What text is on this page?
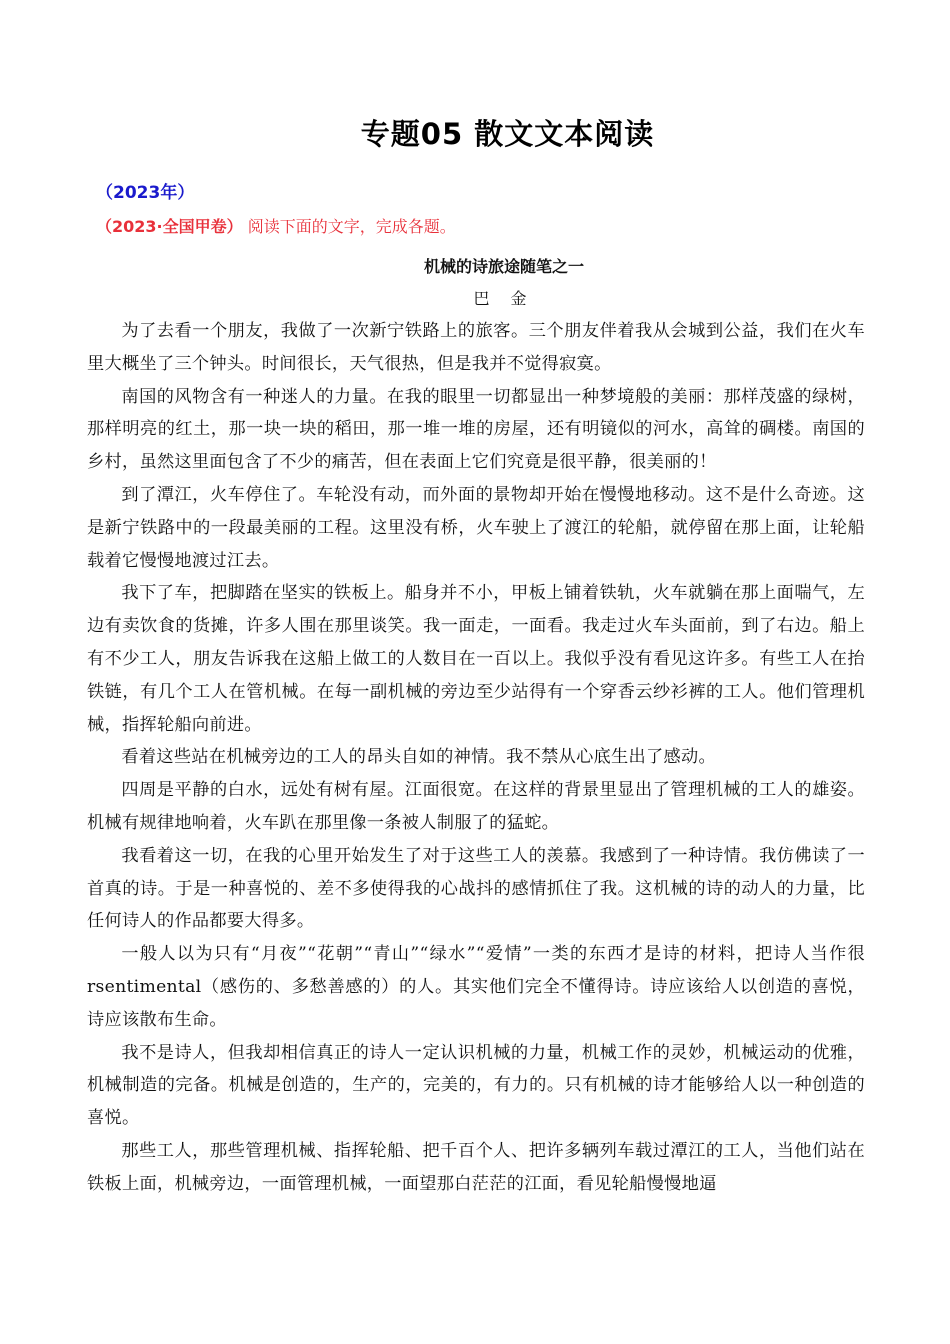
专题05 散文文本阅读
（2023年）
（2023·全国甲卷） 阅读下面的文字，完成各题。
机械的诗旅途随笔之一
巴 金

为了去看一个朋友，我做了一次新宁铁路上的旅客。三个朋友伴着我从会城到公益，我们在火车里大概坐了三个钟头。时间很长，天气很热，但是我并不觉得寂寞。

南国的风物含有一种迷人的力量。在我的眼里一切都显出一种梦境般的美丽：那样茂盛的绿树，那样明亮的红土，那一块一块的稻田，那一堆一堆的房屋，还有明镜似的河水，高耸的碉楼。南国的乡村，虽然这里面包含了不少的痛苦，但在表面上它们究竟是很平静，很美丽的！

到了潭江，火车停住了。车轮没有动，而外面的景物却开始在慢慢地移动。这不是什么奇迹。这是新宁铁路中的一段最美丽的工程。这里没有桥，火车驶上了渡江的轮船，就停留在那上面，让轮船载着它慢慢地渡过江去。

我下了车，把脚踏在坚实的铁板上。船身并不小，甲板上铺着铁轨，火车就躺在那上面喘气，左边有卖饮食的货摊，许多人围在那里谈笑。我一面走，一面看。我走过火车头面前，到了右边。船上有不少工人，朋友告诉我在这船上做工的人数目在一百以上。我似乎没有看见这许多。有些工人在抬铁链，有几个工人在管机械。在每一副机械的旁边至少站得有一个穿香云纱衫裤的工人。他们管理机械，指挥轮船向前进。

看着这些站在机械旁边的工人的昂头自如的神情。我不禁从心底生出了感动。

四周是平静的白水，远处有树有屋。江面很宽。在这样的背景里显出了管理机械的工人的雄姿。机械有规律地响着，火车趴在那里像一条被人制服了的猛蛇。

我看着这一切，在我的心里开始发生了对于这些工人的羡慕。我感到了一种诗情。我仿佛读了一首真的诗。于是一种喜悦的、差不多使得我的心战抖的感情抓住了我。这机械的诗的动人的力量，比任何诗人的作品都要大得多。

一般人以为只有“月夜”“花朝”“青山”“绿水”“爱情”一类的东西才是诗的材料，把诗人当作很rsentimental（感伤的、多愁善感的）的人。其实他们完全不懂得诗。诗应该给人以创造的喜悦，诗应该散布生命。

我不是诗人，但我却相信真正的诗人一定认识机械的力量，机械工作的灵妙，机械运动的优雅，机械制造的完备。机械是创造的，生产的，完美的，有力的。只有机械的诗才能够给人以一种创造的喜悦。

那些工人，那些管理机械、指挥轮船、把千百个人、把许多辆列车载过潭江的工人，当他们站在铁板上面，机械旁边，一面管理机械，一面望那白茫茫的江面，看见轮船慢慢地逼
